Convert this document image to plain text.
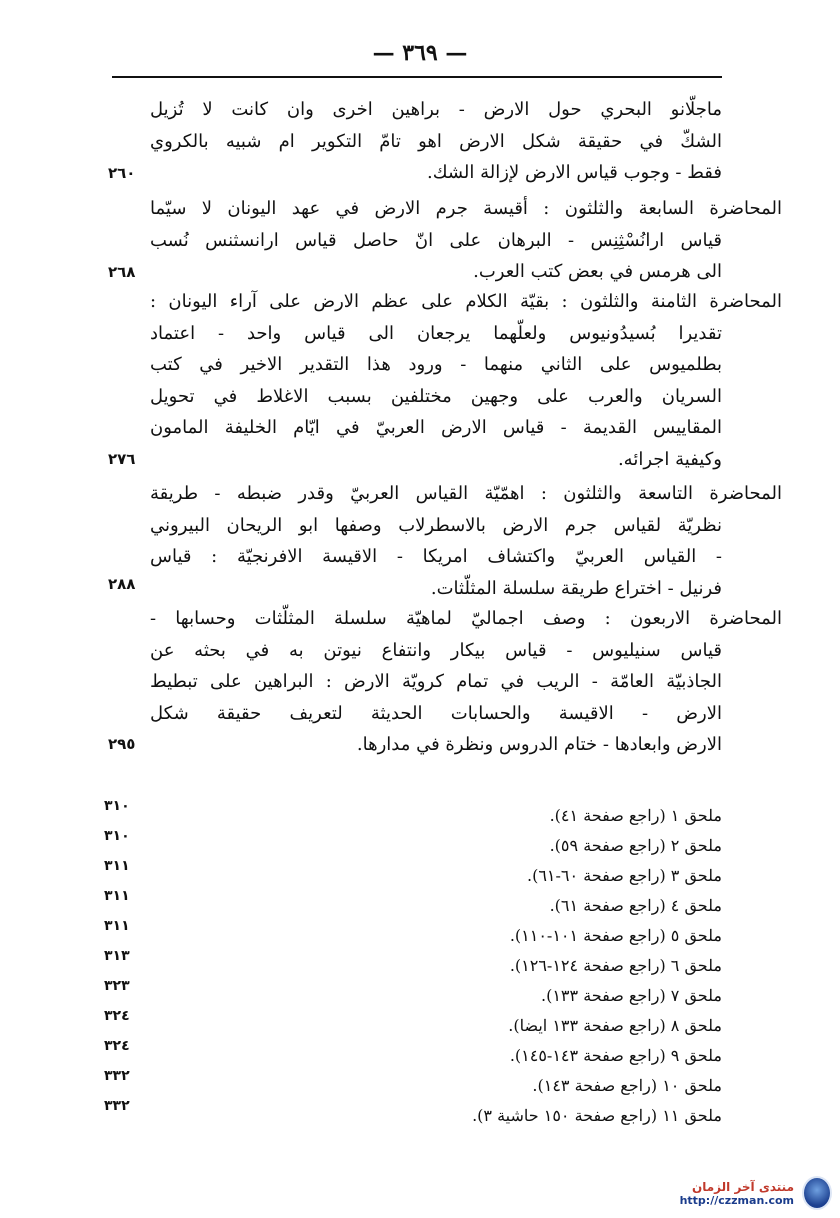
— ٣٦٩ —
ماجلّانو البحري حول الارض - براهين اخرى وان كانت لا تُزيل
الشكّ في حقيقة شكل الارض اهو تامّ التكوير ام شبيه بالكروي
فقط - وجوب قياس الارض لإزالة الشك.
٢٦٠
المحاضرة السابعة والثلثون : أقيسة جرم الارض في عهد اليونان لا سيّما
قياس ارانُسْثِنِس - البرهان على انّ حاصل قياس ارانسثنس نُسب
الى هرمس في بعض كتب العرب.
٢٦٨
المحاضرة الثامنة والثلثون : بقيّة الكلام على عظم الارض على آراء اليونان :
تقديرا بُسيدُونيوس ولعلّهما يرجعان الى قياس واحد - اعتماد
بطلميوس على الثاني منهما - ورود هذا التقدير الاخير في كتب
السريان والعرب على وجهين مختلفين بسبب الاغلاط في تحويل
المقاييس القديمة - قياس الارض العربيّ في ايّام الخليفة المامون
وكيفية اجرائه.
٢٧٦
المحاضرة التاسعة والثلثون : اهمّيّة القياس العربيّ وقدر ضبطه - طريقة
نظريّة لقياس جرم الارض بالاسطرلاب وصفها ابو الريحان البيروني
- القياس العربيّ واكتشاف امريكا - الاقيسة الافرنجيّة : قياس
فرنيل - اختراع طريقة سلسلة المثلّثات.
٢٨٨
المحاضرة الاربعون : وصف اجماليّ لماهيّة سلسلة المثلّثات وحسابها -
قياس سنيليوس - قياس بيكار وانتفاع نيوتن به في بحثه عن
الجاذبيّة العامّة - الريب في تمام كرويّة الارض : البراهين على تبطيط
الارض - الاقيسة والحسابات الحديثة لتعريف حقيقة شكل
الارض وابعادها - ختام الدروس ونظرة في مدارها.
٢٩٥
ملحق ١ (راجع صفحة ٤١).
٣١٠
ملحق ٢ (راجع صفحة ٥٩).
٣١٠
ملحق ٣ (راجع صفحة ٦٠-٦١).
٣١١
ملحق ٤ (راجع صفحة ٦١).
٣١١
ملحق ٥ (راجع صفحة ١٠١-١١٠).
٣١١
ملحق ٦ (راجع صفحة ١٢٤-١٢٦).
٣١٣
ملحق ٧ (راجع صفحة ١٣٣).
٣٢٣
ملحق ٨ (راجع صفحة ١٣٣ ايضا).
٣٢٤
ملحق ٩ (راجع صفحة ١٤٣-١٤٥).
٣٢٤
ملحق ١٠ (راجع صفحة ١٤٣).
٣٣٢
ملحق ١١ (راجع صفحة ١٥٠ حاشية ٣).
٣٣٢
منتدى آخر الزمان
http://czzman.com
